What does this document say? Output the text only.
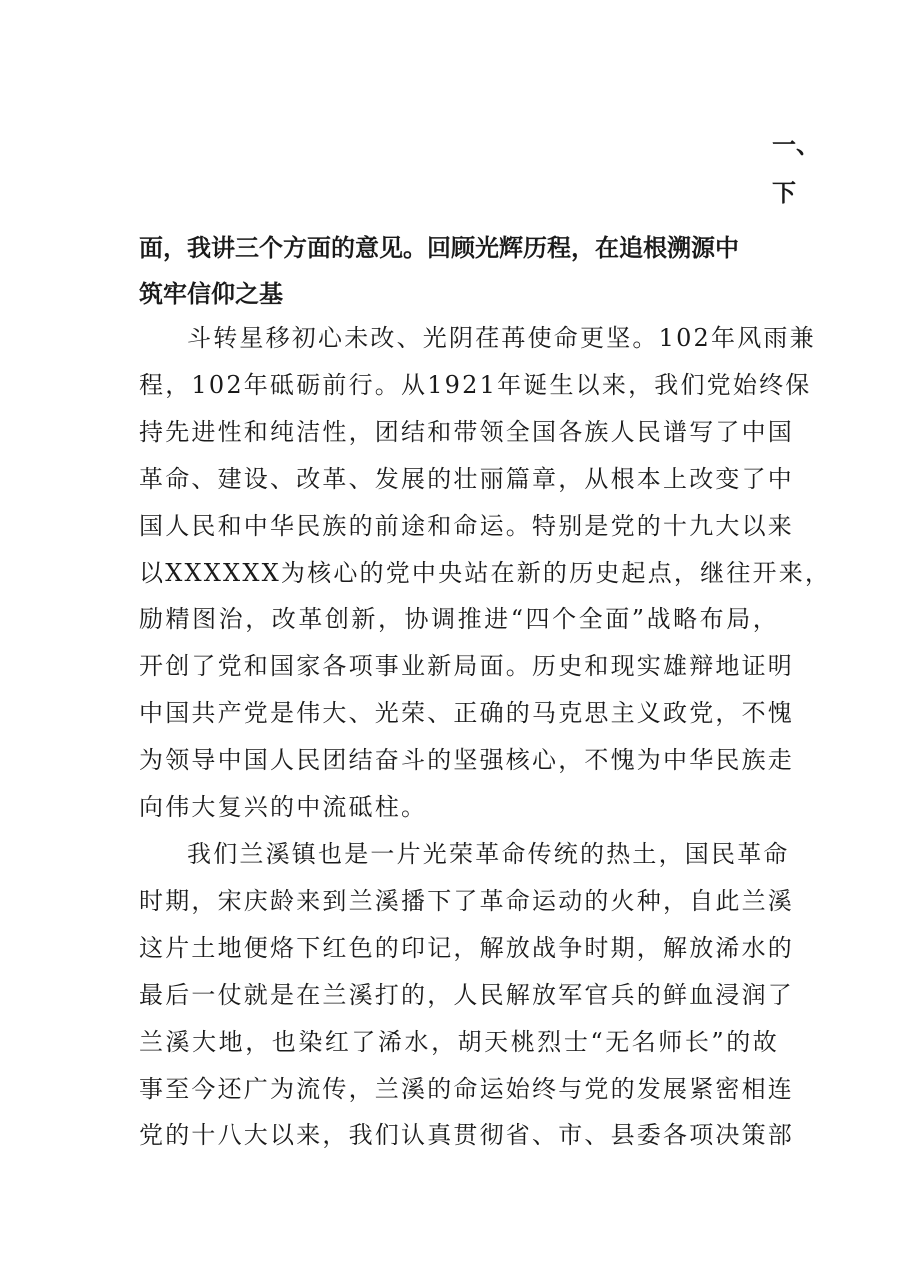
一、
下
面，我讲三个方面的意见。回顾光辉历程，在追根溯源中
筑牢信仰之基

斗转星移初心未改、光阴荏苒使命更坚。102年风雨兼
程，102年砥砺前行。从1921年诞生以来，我们党始终保
持先进性和纯洁性，团结和带领全国各族人民谱写了中国
革命、建设、改革、发展的壮丽篇章，从根本上改变了中
国人民和中华民族的前途和命运。特别是党的十九大以来
以XXXXXX为核心的党中央站在新的历史起点，继往开来，
励精图治，改革创新，协调推进“四个全面”战略布局，
开创了党和国家各项事业新局面。历史和现实雄辩地证明
中国共产党是伟大、光荣、正确的马克思主义政党，不愧
为领导中国人民团结奋斗的坚强核心，不愧为中华民族走
向伟大复兴的中流砥柱。

我们兰溪镇也是一片光荣革命传统的热土，国民革命
时期，宋庆龄来到兰溪播下了革命运动的火种，自此兰溪
这片土地便烙下红色的印记，解放战争时期，解放浠水的
最后一仗就是在兰溪打的，人民解放军官兵的鲜血浸润了
兰溪大地，也染红了浠水，胡天桃烈士“无名师长”的故
事至今还广为流传，兰溪的命运始终与党的发展紧密相连
党的十八大以来，我们认真贯彻省、市、县委各项决策部
